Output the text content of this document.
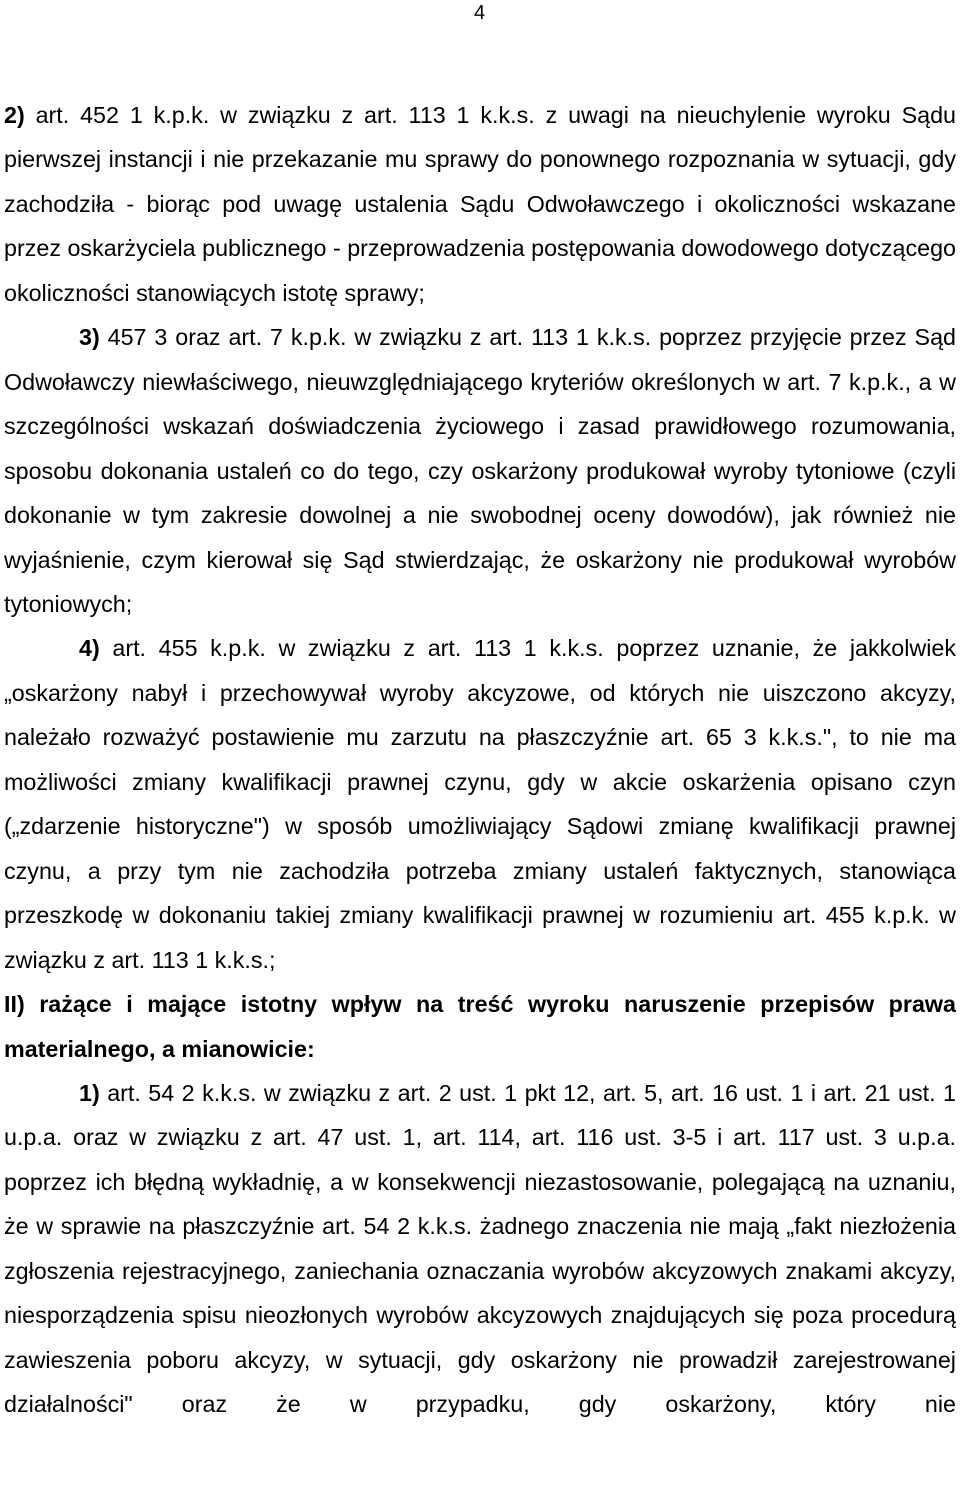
4

2) art. 452 1 k.p.k. w związku z art. 113 1 k.k.s. z uwagi na nieuchylenie wyroku Sądu pierwszej instancji i nie przekazanie mu sprawy do ponownego rozpoznania w sytuacji, gdy zachodziła - biorąc pod uwagę ustalenia Sądu Odwoławczego i okoliczności wskazane przez oskarżyciela publicznego - przeprowadzenia postępowania dowodowego dotyczącego okoliczności stanowiących istotę sprawy;

3) 457 3 oraz art. 7 k.p.k. w związku z art. 113 1 k.k.s. poprzez przyjęcie przez Sąd Odwoławczy niewłaściwego, nieuwzględniającego kryteriów określonych w art. 7 k.p.k., a w szczególności wskazań doświadczenia życiowego i zasad prawidłowego rozumowania, sposobu dokonania ustaleń co do tego, czy oskarżony produkował wyroby tytoniowe (czyli dokonanie w tym zakresie dowolnej a nie swobodnej oceny dowodów), jak również nie wyjaśnienie, czym kierował się Sąd stwierdzając, że oskarżony nie produkował wyrobów tytoniowych;

4) art. 455 k.p.k. w związku z art. 113 1 k.k.s. poprzez uznanie, że jakkolwiek „oskarżony nabył i przechowywał wyroby akcyzowe, od których nie uiszczono akcyzy, należało rozważyć postawienie mu zarzutu na płaszczyźnie art. 65 3 k.k.s.", to nie ma możliwości zmiany kwalifikacji prawnej czynu, gdy w akcie oskarżenia opisano czyn („zdarzenie historyczne") w sposób umożliwiający Sądowi zmianę kwalifikacji prawnej czynu, a przy tym nie zachodziła potrzeba zmiany ustaleń faktycznych, stanowiąca przeszkodę w dokonaniu takiej zmiany kwalifikacji prawnej w rozumieniu art. 455 k.p.k. w związku z art. 113 1 k.k.s.;

II) rażące i mające istotny wpływ na treść wyroku naruszenie przepisów prawa materialnego, a mianowicie:

1) art. 54 2 k.k.s. w związku z art. 2 ust. 1 pkt 12, art. 5, art. 16 ust. 1 i art. 21 ust. 1 u.p.a. oraz w związku z art. 47 ust. 1, art. 114, art. 116 ust. 3-5 i art. 117 ust. 3 u.p.a. poprzez ich błędną wykładnię, a w konsekwencji niezastosowanie, polegającą na uznaniu, że w sprawie na płaszczyźnie art. 54 2 k.k.s. żadnego znaczenia nie mają „fakt niezłożenia zgłoszenia rejestracyjnego, zaniechania oznaczania wyrobów akcyzowych znakami akcyzy, niesporządzenia spisu nieozłonych wyrobów akcyzowych znajdujących się poza procedurą zawieszenia poboru akcyzy, w sytuacji, gdy oskarżony nie prowadził zarejestrowanej działalności" oraz że w przypadku, gdy oskarżony, który nie
